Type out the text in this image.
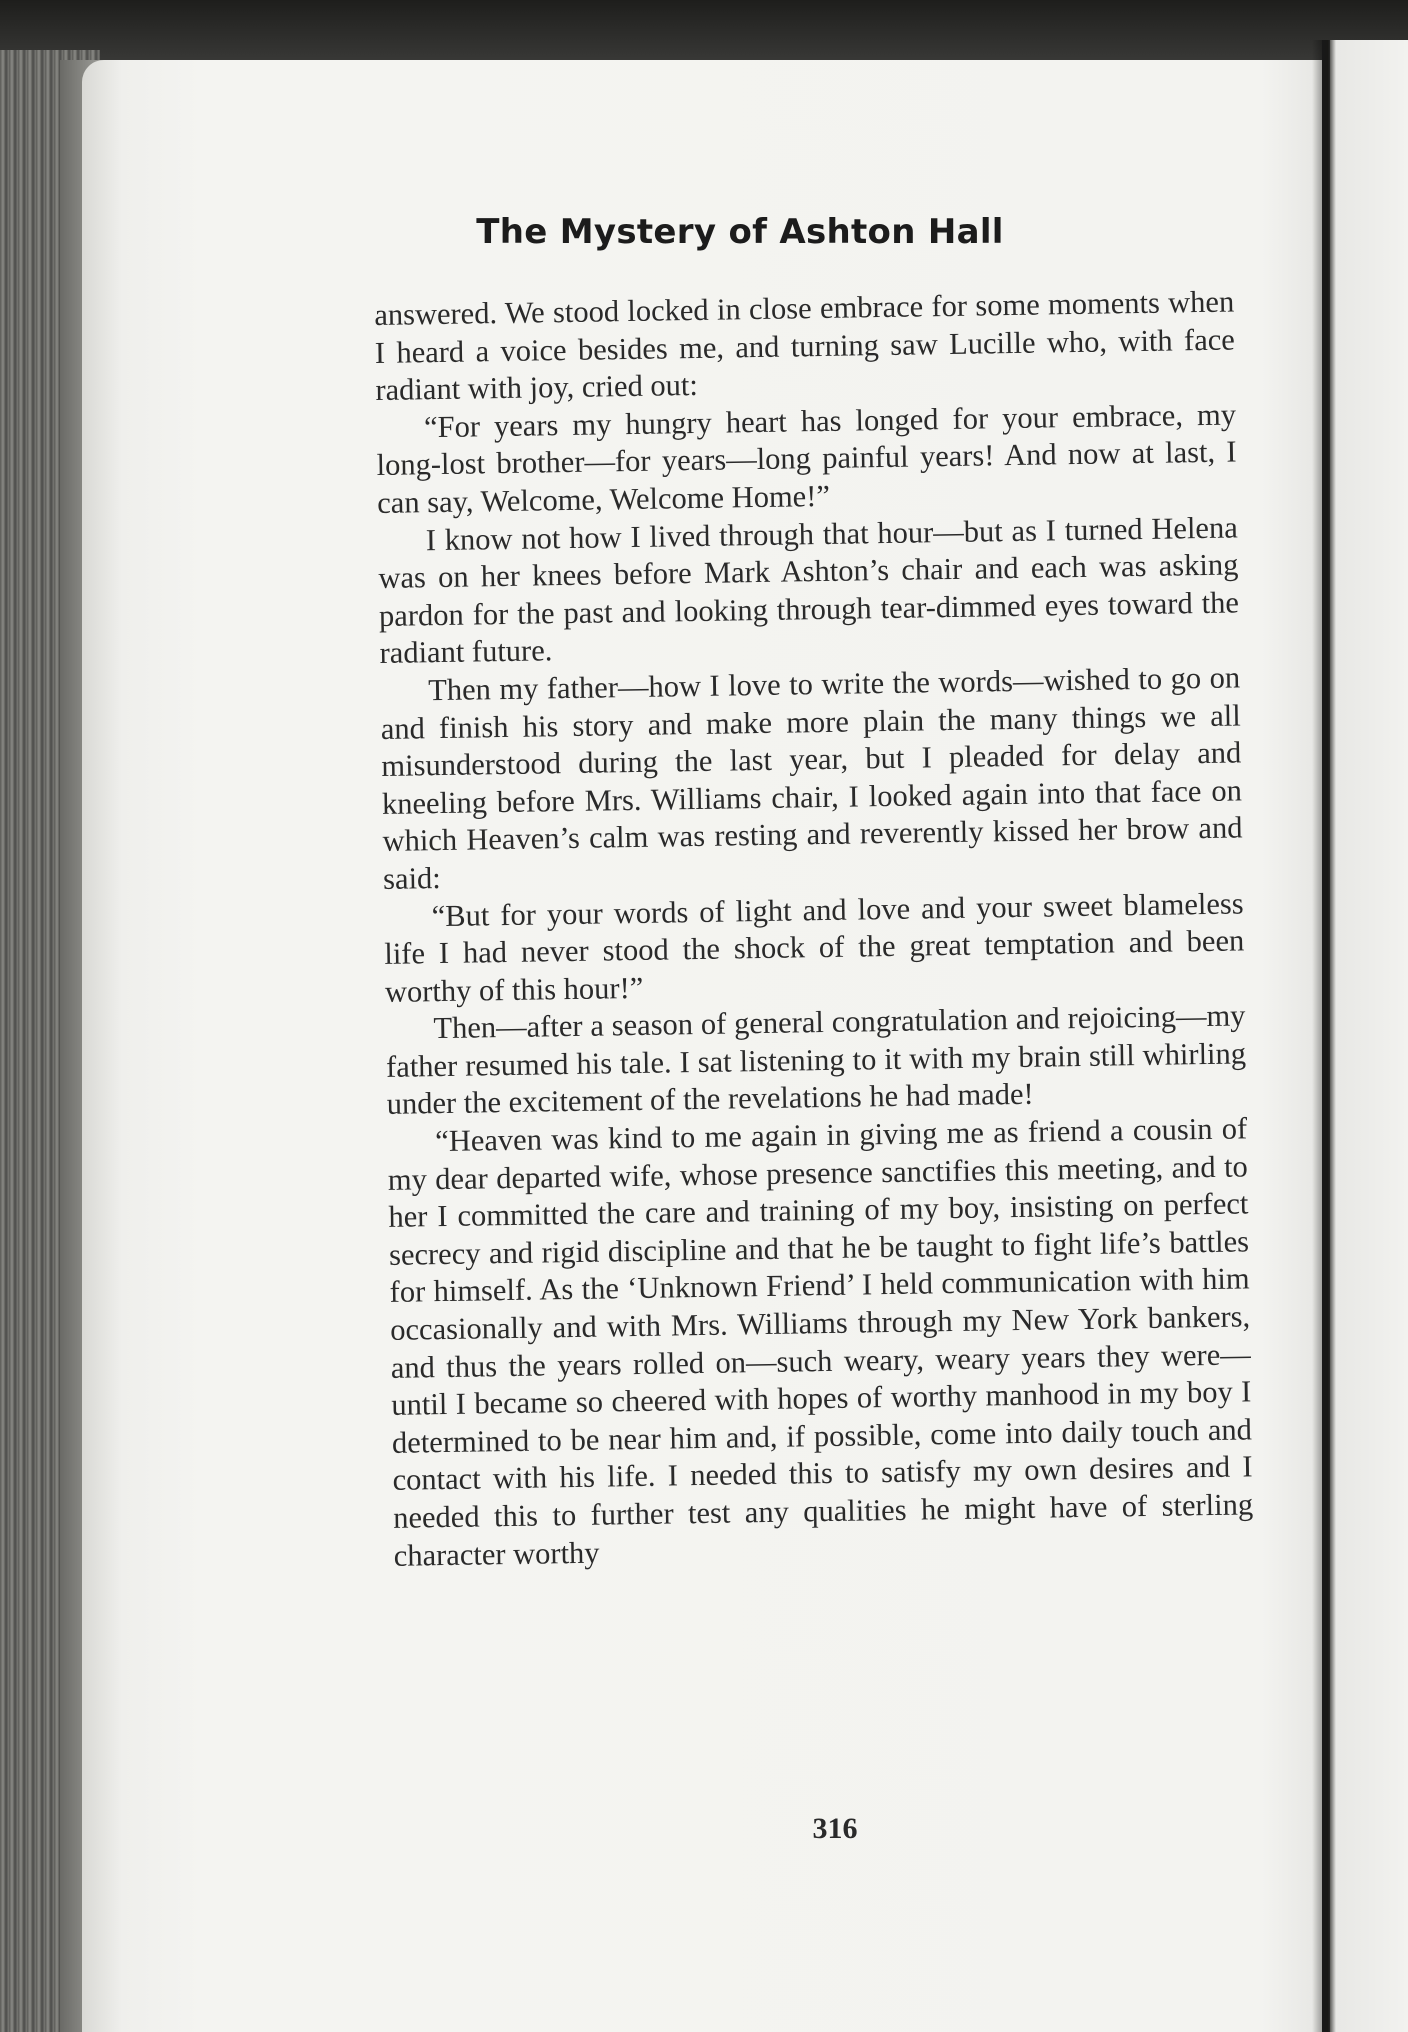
The Mystery of Ashton Hall

answered. We stood locked in close embrace for some moments when I heard a voice besides me, and turning saw Lucille who, with face radiant with joy, cried out:

“For years my hungry heart has longed for your embrace, my long-lost brother—for years—long painful years! And now at last, I can say, Welcome, Welcome Home!”

I know not how I lived through that hour—but as I turned Helena was on her knees before Mark Ashton’s chair and each was asking pardon for the past and looking through tear-dimmed eyes toward the radiant future.

Then my father—how I love to write the words—wished to go on and finish his story and make more plain the many things we all misunderstood during the last year, but I pleaded for delay and kneeling before Mrs. Williams chair, I looked again into that face on which Heaven’s calm was resting and reverently kissed her brow and said:

“But for your words of light and love and your sweet blameless life I had never stood the shock of the great temptation and been worthy of this hour!”

Then—after a season of general congratulation and rejoicing—my father resumed his tale. I sat listening to it with my brain still whirling under the excitement of the revelations he had made!

“Heaven was kind to me again in giving me as friend a cousin of my dear departed wife, whose presence sanctifies this meeting, and to her I committed the care and training of my boy, insisting on perfect secrecy and rigid discipline and that he be taught to fight life’s battles for himself. As the ‘Unknown Friend’ I held communication with him occasionally and with Mrs. Williams through my New York bankers, and thus the years rolled on—such weary, weary years they were—until I became so cheered with hopes of worthy manhood in my boy I determined to be near him and, if possible, come into daily touch and contact with his life. I needed this to satisfy my own desires and I needed this to further test any qualities he might have of sterling character worthy

316
